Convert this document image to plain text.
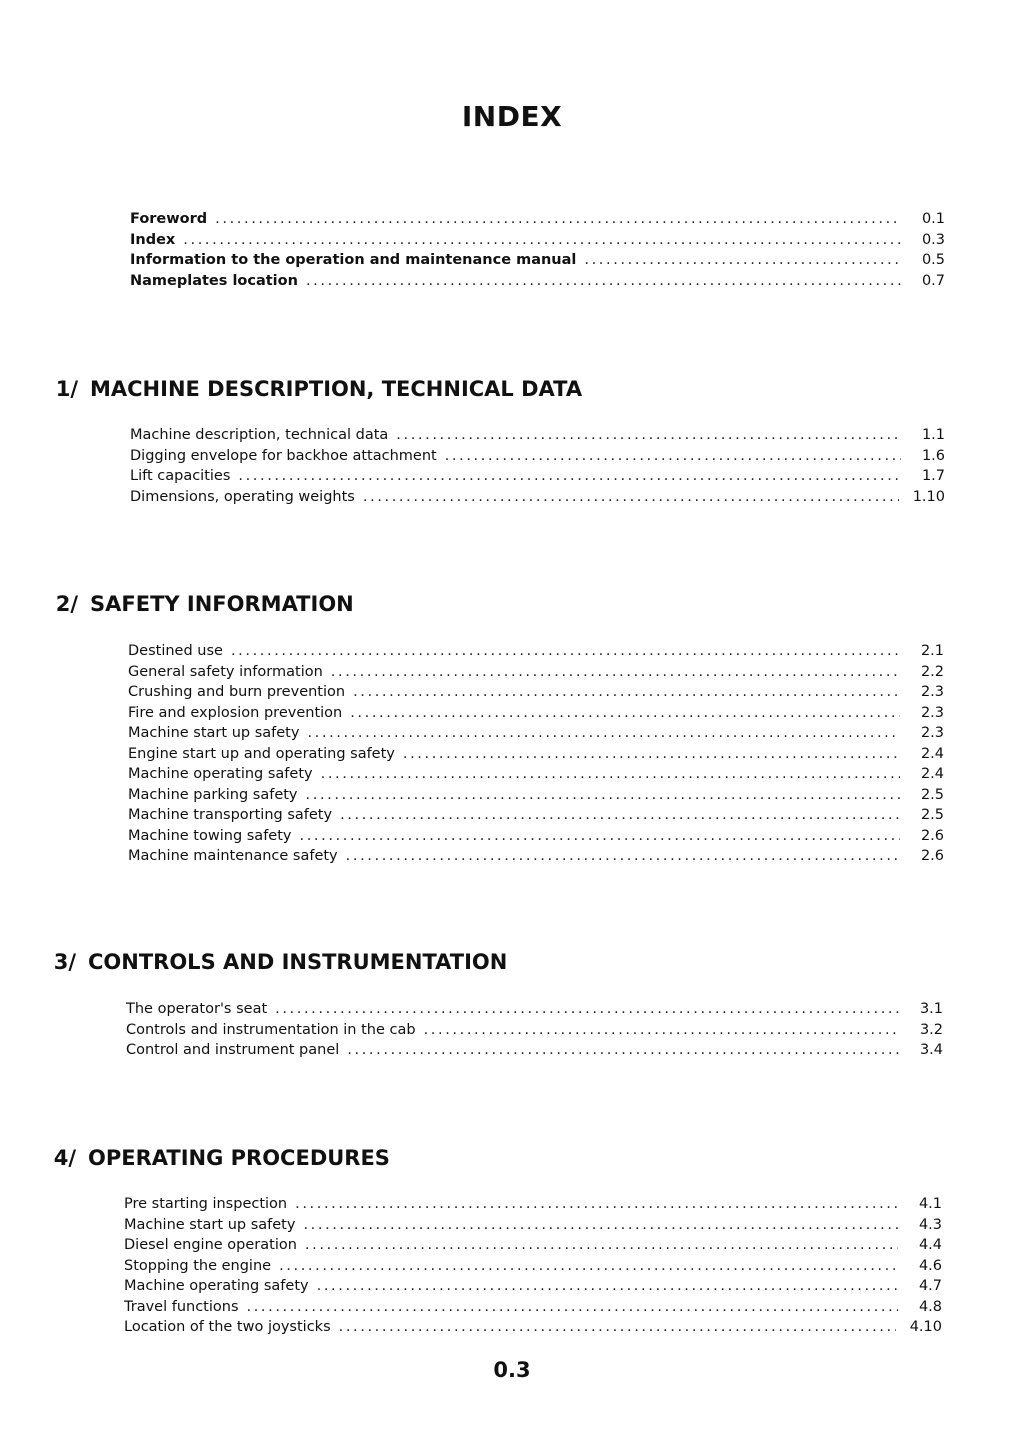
INDEX
Foreword .....	0.1
Index .....	0.3
Information to the operation and maintenance manual .....	0.5
Nameplates location .....	0.7
1/ MACHINE DESCRIPTION, TECHNICAL DATA
Machine description, technical data .....	1.1
Digging envelope for backhoe attachment .....	1.6
Lift capacities .....	1.7
Dimensions, operating weights .....	1.10
2/ SAFETY INFORMATION
Destined use .....	2.1
General safety information .....	2.2
Crushing and burn prevention .....	2.3
Fire and explosion prevention .....	2.3
Machine start up safety .....	2.3
Engine start up and operating safety .....	2.4
Machine operating safety .....	2.4
Machine parking safety .....	2.5
Machine transporting safety .....	2.5
Machine towing safety .....	2.6
Machine maintenance safety .....	2.6
3/ CONTROLS AND INSTRUMENTATION
The operator's seat .....	3.1
Controls and instrumentation in the cab .....	3.2
Control and instrument panel .....	3.4
4/ OPERATING PROCEDURES
Pre starting inspection .....	4.1
Machine start up safety .....	4.3
Diesel engine operation .....	4.4
Stopping the engine .....	4.6
Machine operating safety .....	4.7
Travel functions .....	4.8
Location of the two joysticks .....	4.10
0.3
